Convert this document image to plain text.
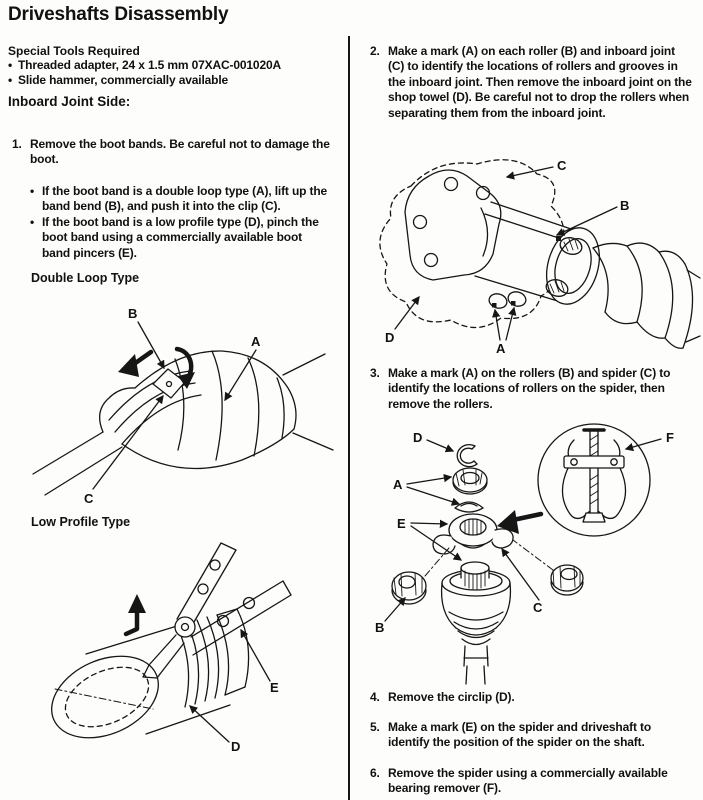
Driveshafts Disassembly
Special Tools Required
• Threaded adapter, 24 x 1.5 mm 07XAC-001020A
• Slide hammer, commercially available
Inboard Joint Side:
1. Remove the boot bands. Be careful not to damage the boot.
• If the boot band is a double loop type (A), lift up the band bend (B), and push it into the clip (C).
• If the boot band is a low profile type (D), pinch the boot band using a commercially available boot band pincers (E).
Double Loop Type
B
A
C
Low Profile Type
E
D
2. Make a mark (A) on each roller (B) and inboard joint (C) to identify the locations of rollers and grooves in the inboard joint. Then remove the inboard joint on the shop towel (D). Be careful not to drop the rollers when separating them from the inboard joint.
C
B
D
A
3. Make a mark (A) on the rollers (B) and spider (C) to identify the locations of rollers on the spider, then remove the rollers.
D	F
A
E
B
C
4. Remove the circlip (D).
5. Make a mark (E) on the spider and driveshaft to identify the position of the spider on the shaft.
6. Remove the spider using a commercially available bearing remover (F).
